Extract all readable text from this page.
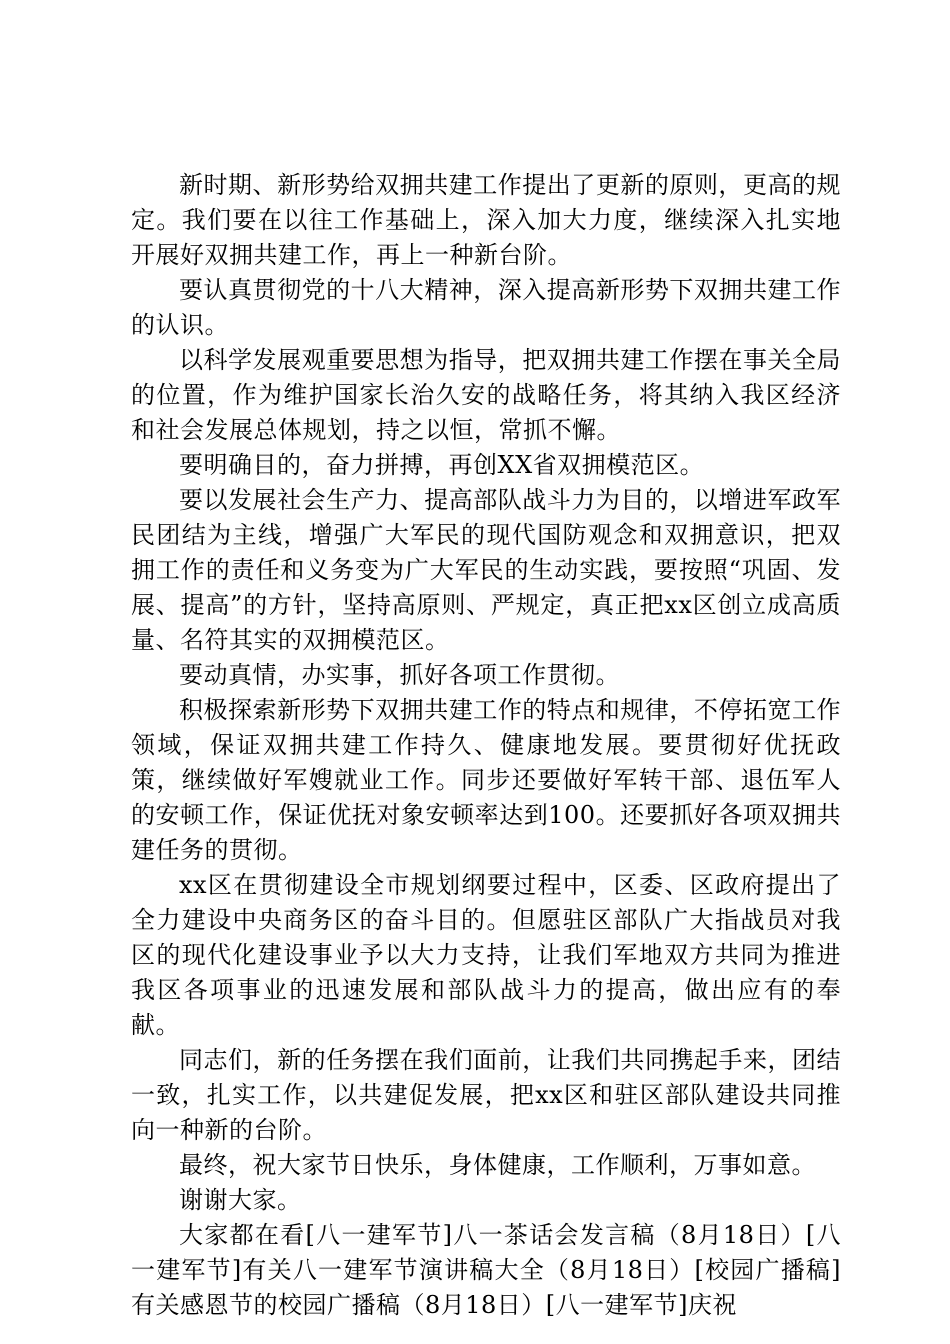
新时期、新形势给双拥共建工作提出了更新的原则，更高的规定。我们要在以往工作基础上，深入加大力度，继续深入扎实地开展好双拥共建工作，再上一种新台阶。

要认真贯彻党的十八大精神，深入提高新形势下双拥共建工作的认识。

以科学发展观重要思想为指导，把双拥共建工作摆在事关全局的位置，作为维护国家长治久安的战略任务，将其纳入我区经济和社会发展总体规划，持之以恒，常抓不懈。

要明确目的，奋力拼搏，再创XX省双拥模范区。

要以发展社会生产力、提高部队战斗力为目的，以增进军政军民团结为主线，增强广大军民的现代国防观念和双拥意识，把双拥工作的责任和义务变为广大军民的生动实践，要按照“巩固、发展、提高”的方针，坚持高原则、严规定，真正把xx区创立成高质量、名符其实的双拥模范区。

要动真情，办实事，抓好各项工作贯彻。

积极探索新形势下双拥共建工作的特点和规律，不停拓宽工作领域，保证双拥共建工作持久、健康地发展。要贯彻好优抚政策，继续做好军嫂就业工作。同步还要做好军转干部、退伍军人的安顿工作，保证优抚对象安顿率达到100。还要抓好各项双拥共建任务的贯彻。

xx区在贯彻建设全市规划纲要过程中，区委、区政府提出了全力建设中央商务区的奋斗目的。但愿驻区部队广大指战员对我区的现代化建设事业予以大力支持，让我们军地双方共同为推进我区各项事业的迅速发展和部队战斗力的提高，做出应有的奉献。

同志们，新的任务摆在我们面前，让我们共同携起手来，团结一致，扎实工作，以共建促发展，把xx区和驻区部队建设共同推向一种新的台阶。

最终，祝大家节日快乐，身体健康，工作顺利，万事如意。

谢谢大家。

大家都在看[八一建军节]八一茶话会发言稿（8月18日）[八一建军节]有关八一建军节演讲稿大全（8月18日）[校园广播稿]有关感恩节的校园广播稿（8月18日）[八一建军节]庆祝
